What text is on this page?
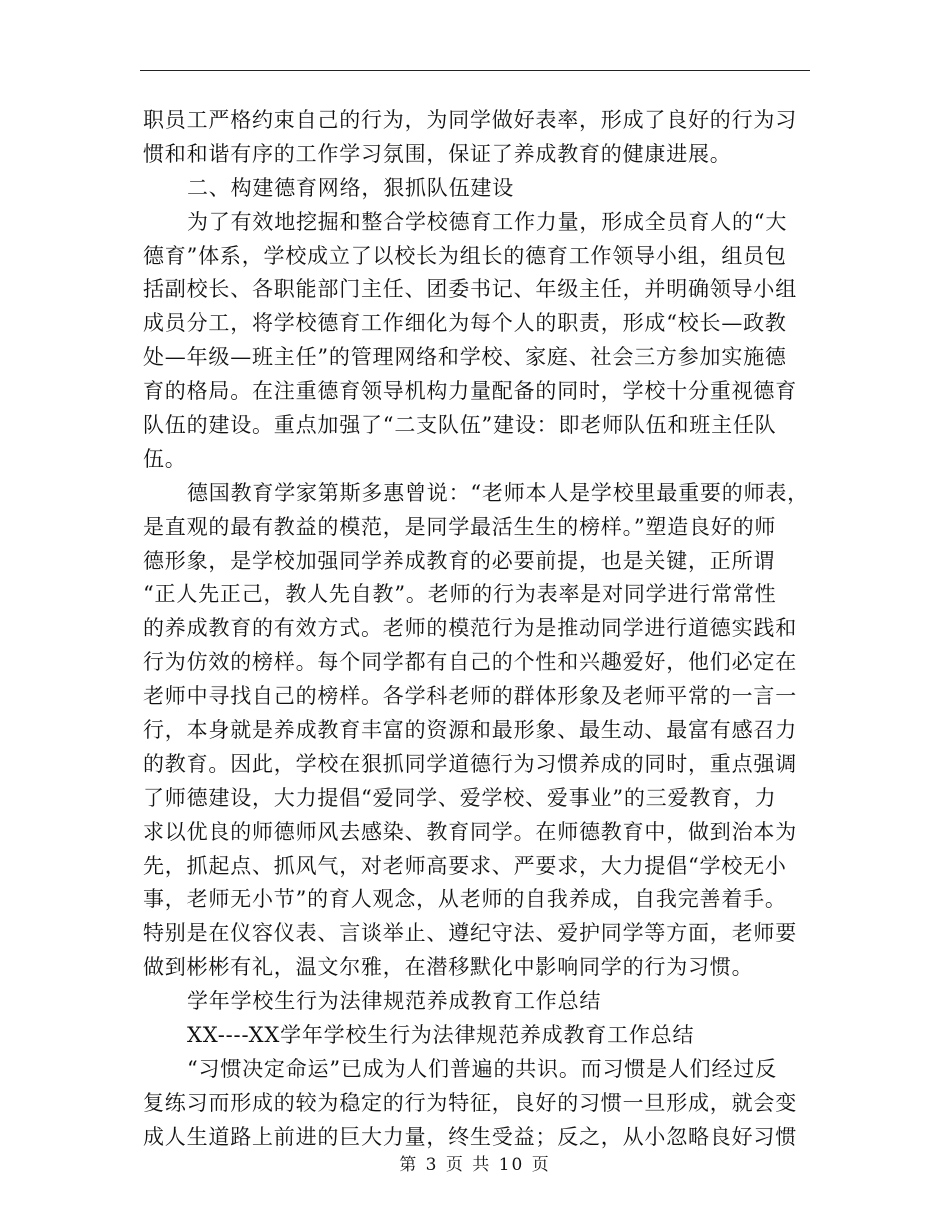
职员工严格约束自己的行为，为同学做好表率，形成了良好的行为习
惯和和谐有序的工作学习氛围，保证了养成教育的健康进展。
二、构建德育网络，狠抓队伍建设
为了有效地挖掘和整合学校德育工作力量，形成全员育人的“大
德育”体系，学校成立了以校长为组长的德育工作领导小组，组员包
括副校长、各职能部门主任、团委书记、年级主任，并明确领导小组
成员分工，将学校德育工作细化为每个人的职责，形成“校长—政教
处—年级—班主任”的管理网络和学校、家庭、社会三方参加实施德
育的格局。在注重德育领导机构力量配备的同时，学校十分重视德育
队伍的建设。重点加强了“二支队伍”建设：即老师队伍和班主任队
伍。
德国教育学家第斯多惠曾说：“老师本人是学校里最重要的师表，
是直观的最有教益的模范，是同学最活生生的榜样。”塑造良好的师
德形象，是学校加强同学养成教育的必要前提，也是关键，正所谓
“正人先正己，教人先自教”。老师的行为表率是对同学进行常常性
的养成教育的有效方式。老师的模范行为是推动同学进行道德实践和
行为仿效的榜样。每个同学都有自己的个性和兴趣爱好，他们必定在
老师中寻找自己的榜样。各学科老师的群体形象及老师平常的一言一
行，本身就是养成教育丰富的资源和最形象、最生动、最富有感召力
的教育。因此，学校在狠抓同学道德行为习惯养成的同时，重点强调
了师德建设，大力提倡“爱同学、爱学校、爱事业”的三爱教育，力
求以优良的师德师风去感染、教育同学。在师德教育中，做到治本为
先，抓起点、抓风气，对老师高要求、严要求，大力提倡“学校无小
事，老师无小节”的育人观念，从老师的自我养成，自我完善着手。
特别是在仪容仪表、言谈举止、遵纪守法、爱护同学等方面，老师要
做到彬彬有礼，温文尔雅，在潜移默化中影响同学的行为习惯。
学年学校生行为法律规范养成教育工作总结
XX----XX学年学校生行为法律规范养成教育工作总结
“习惯决定命运”已成为人们普遍的共识。而习惯是人们经过反
复练习而形成的较为稳定的行为特征，良好的习惯一旦形成，就会变
成人生道路上前进的巨大力量，终生受益；反之，从小忽略良好习惯
第 3 页 共 10 页
